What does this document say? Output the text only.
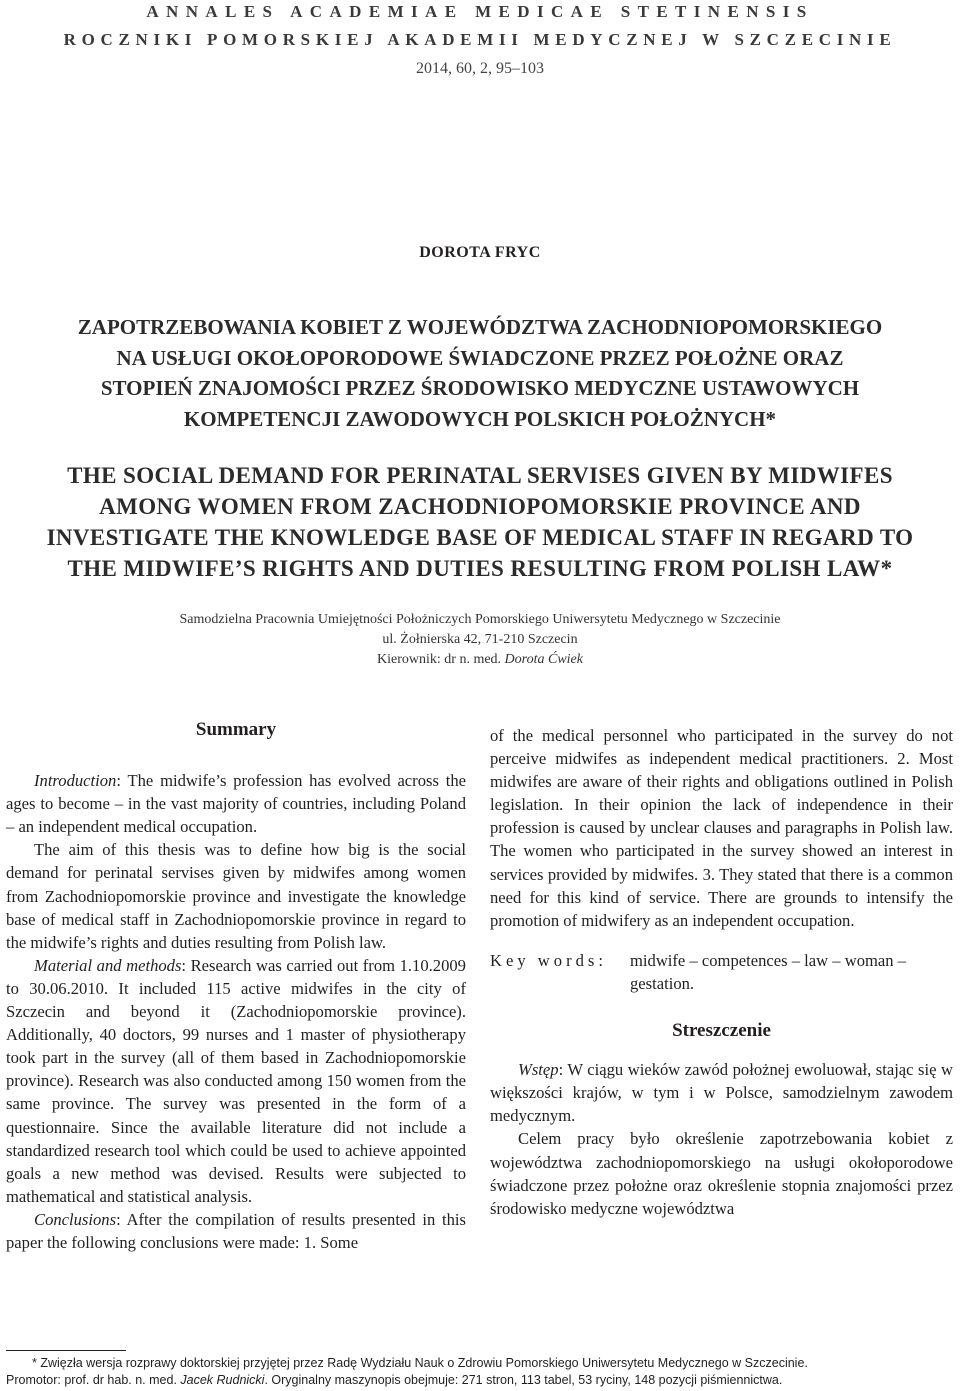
ANNALES ACADEMIAE MEDICAE STETINENSIS
ROCZNIKI POMORSKIEJ AKADEMII MEDYCZNEJ W SZCZECINIE
2014, 60, 2, 95–103
DOROTA FRYC
ZAPOTRZEBOWANIA KOBIET Z WOJEWÓDZTWA ZACHODNIOPOMORSKIEGO
NA USŁUGI OKOŁOPORODOWE ŚWIADCZONE PRZEZ POŁOŻNE ORAZ
STOPIEŃ ZNAJOMOŚCI PRZEZ ŚRODOWISKO MEDYCZNE USTAWOWYCH
KOMPETENCJI ZAWODOWYCH POLSKICH POŁOŻNYCH*
THE SOCIAL DEMAND FOR PERINATAL SERVISES GIVEN BY MIDWIFES
AMONG WOMEN FROM ZACHODNIOPOMORSKIE PROVINCE AND
INVESTIGATE THE KNOWLEDGE BASE OF MEDICAL STAFF IN REGARD TO
THE MIDWIFE’S RIGHTS AND DUTIES RESULTING FROM POLISH LAW*
Samodzielna Pracownia Umiejętności Położniczych Pomorskiego Uniwersytetu Medycznego w Szczecinie
ul. Żołnierska 42, 71-210 Szczecin
Kierownik: dr n. med. Dorota Ćwiek

Summary

Introduction: The midwife’s profession has evolved across the ages to become – in the vast majority of countries, including Poland – an independent medical occupation.

The aim of this thesis was to define how big is the social demand for perinatal servises given by midwifes among women from Zachodniopomorskie province and investigate the knowledge base of medical staff in Zachodniopomorskie province in regard to the midwife’s rights and duties resulting from Polish law.

Material and methods: Research was carried out from 1.10.2009 to 30.06.2010. It included 115 active midwifes in the city of Szczecin and beyond it (Zachodniopomorskie province). Additionally, 40 doctors, 99 nurses and 1 master of physiotherapy took part in the survey (all of them based in Zachodniopomorskie province). Research was also conducted among 150 women from the same province. The survey was presented in the form of a questionnaire. Since the available literature did not include a standardized research tool which could be used to achieve appointed goals a new method was devised. Results were subjected to mathematical and statistical analysis.

Conclusions: After the compilation of results presented in this paper the following conclusions were made: 1. Some

of the medical personnel who participated in the survey do not perceive midwifes as independent medical practitioners. 2. Most midwifes are aware of their rights and obligations outlined in Polish legislation. In their opinion the lack of independence in their profession is caused by unclear clauses and paragraphs in Polish law. The women who participated in the survey showed an interest in services provided by midwifes. 3. They stated that there is a common need for this kind of service. There are grounds to intensify the promotion of midwifery as an independent occupation.

Key words:	midwife – competences – law – woman – gestation.

Streszczenie

Wstęp: W ciągu wieków zawód położnej ewoluował, stając się w większości krajów, w tym i w Polsce, samodzielnym zawodem medycznym.

Celem pracy było określenie zapotrzebowania kobiet z województwa zachodniopomorskiego na usługi okołoporodowe świadczone przez położne oraz określenie stopnia znajomości przez środowisko medyczne województwa

* Zwięzła wersja rozprawy doktorskiej przyjętej przez Radę Wydziału Nauk o Zdrowiu Pomorskiego Uniwersytetu Medycznego w Szczecinie.
Promotor: prof. dr hab. n. med. Jacek Rudnicki. Oryginalny maszynopis obejmuje: 271 stron, 113 tabel, 53 ryciny, 148 pozycji piśmiennictwa.
